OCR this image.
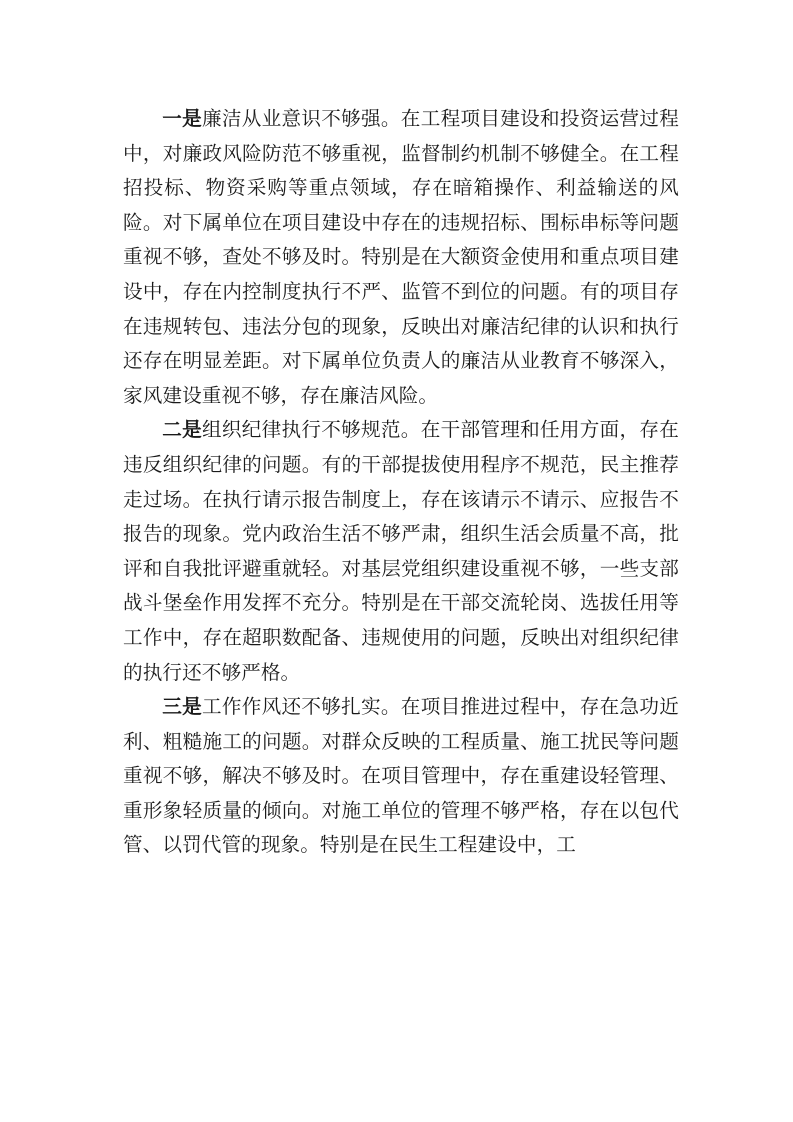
一是廉洁从业意识不够强。在工程项目建设和投资运营过程中，对廉政风险防范不够重视，监督制约机制不够健全。在工程招投标、物资采购等重点领域，存在暗箱操作、利益输送的风险。对下属单位在项目建设中存在的违规招标、围标串标等问题重视不够，查处不够及时。特别是在大额资金使用和重点项目建设中，存在内控制度执行不严、监管不到位的问题。有的项目存在违规转包、违法分包的现象，反映出对廉洁纪律的认识和执行还存在明显差距。对下属单位负责人的廉洁从业教育不够深入，家风建设重视不够，存在廉洁风险。

二是组织纪律执行不够规范。在干部管理和任用方面，存在违反组织纪律的问题。有的干部提拔使用程序不规范，民主推荐走过场。在执行请示报告制度上，存在该请示不请示、应报告不报告的现象。党内政治生活不够严肃，组织生活会质量不高，批评和自我批评避重就轻。对基层党组织建设重视不够，一些支部战斗堡垒作用发挥不充分。特别是在干部交流轮岗、选拔任用等工作中，存在超职数配备、违规使用的问题，反映出对组织纪律的执行还不够严格。

三是工作作风还不够扎实。在项目推进过程中，存在急功近利、粗糙施工的问题。对群众反映的工程质量、施工扰民等问题重视不够，解决不够及时。在项目管理中，存在重建设轻管理、重形象轻质量的倾向。对施工单位的管理不够严格，存在以包代管、以罚代管的现象。特别是在民生工程建设中，工
